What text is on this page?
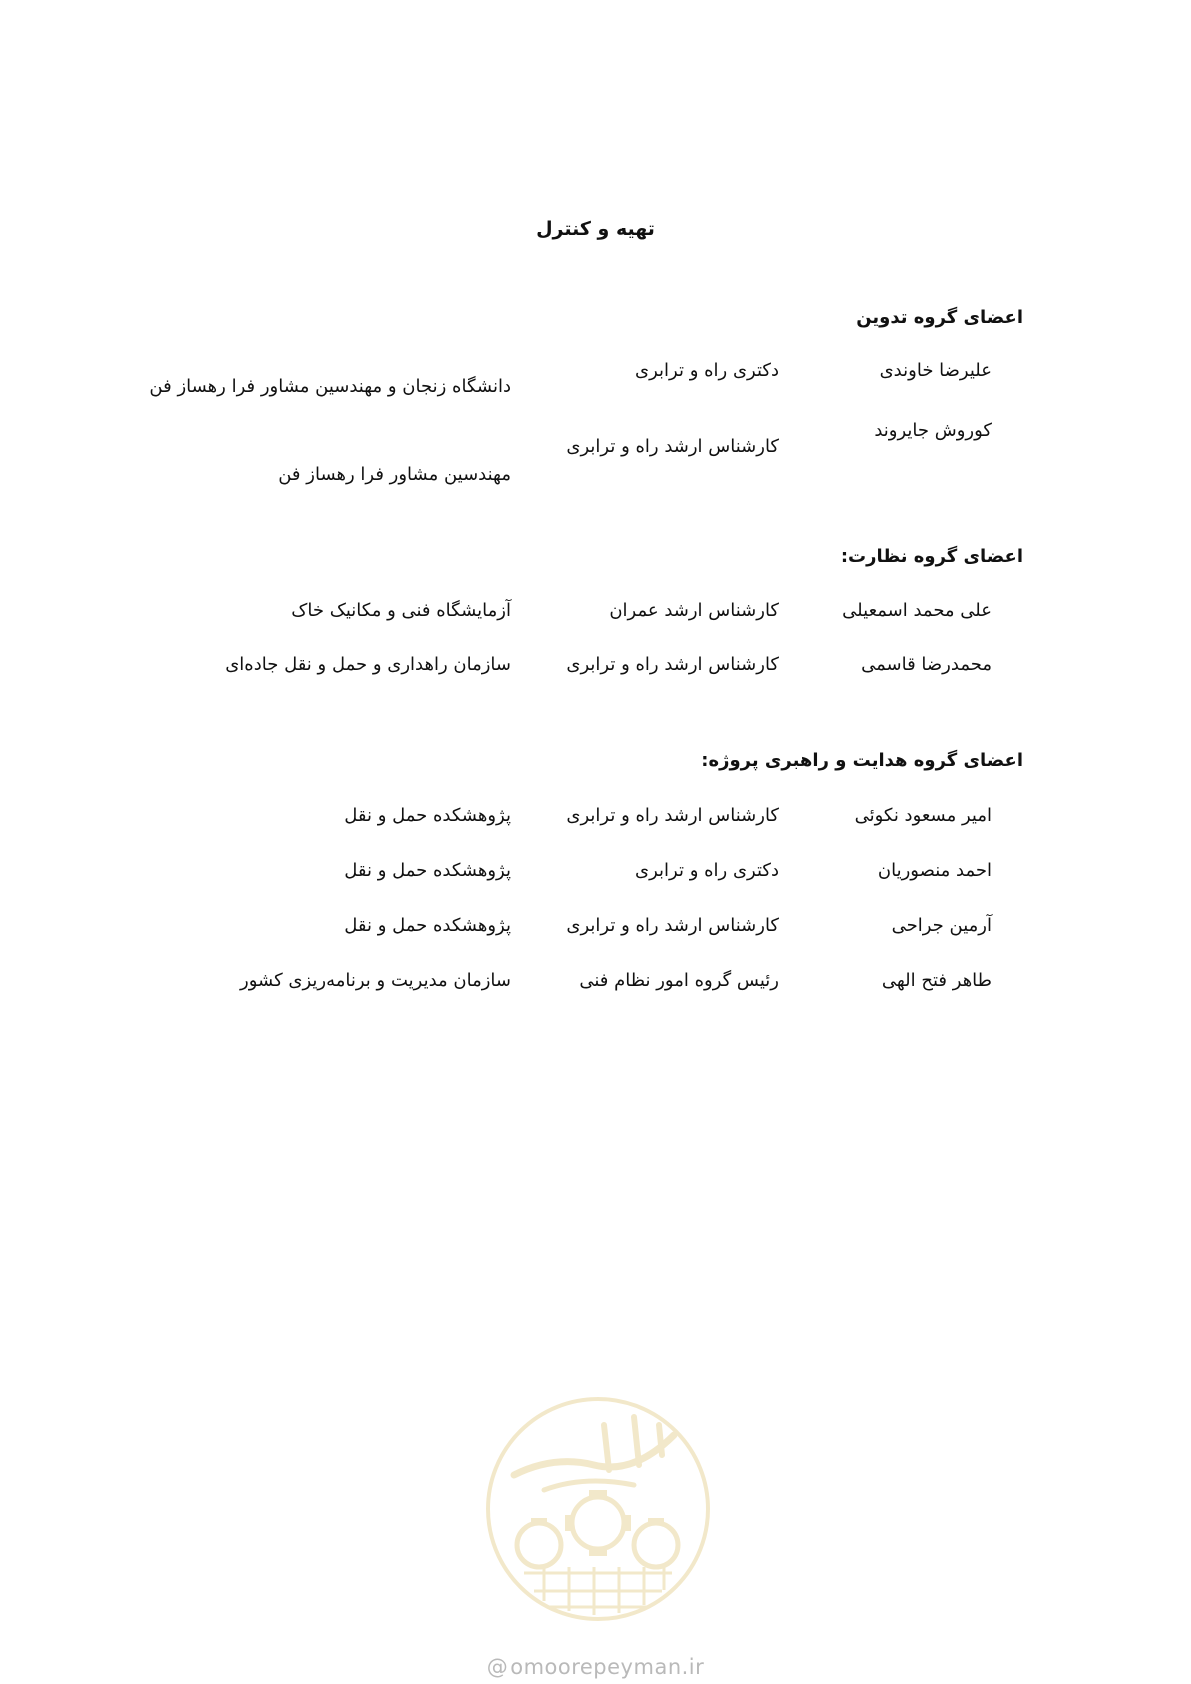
تهیه و کنترل
اعضای گروه تدوین
علیرضا خاوندی
دکتری راه و ترابری
دانشگاه زنجان و مهندسین مشاور فرا رهساز فن
کوروش جایروند
کارشناس ارشد راه و ترابری
مهندسین مشاور فرا رهساز فن
اعضای گروه نظارت:
علی محمد اسمعیلی
کارشناس ارشد عمران
آزمایشگاه فنی و مکانیک خاک
محمدرضا قاسمی
کارشناس ارشد راه و ترابری
سازمان راهداری و حمل و نقل جاده‌ای
اعضای گروه هدایت و راهبری پروژه:
امیر مسعود نکوئی
کارشناس ارشد راه و ترابری
پژوهشکده حمل و نقل
احمد منصوریان
دکتری راه و ترابری
پژوهشکده حمل و نقل
آرمین جراحی
کارشناس ارشد راه و ترابری
پژوهشکده حمل و نقل
طاهر فتح الهی
رئیس گروه امور نظام فنی
سازمان مدیریت و برنامه‌ریزی کشور
@omoorepeyman.ir
